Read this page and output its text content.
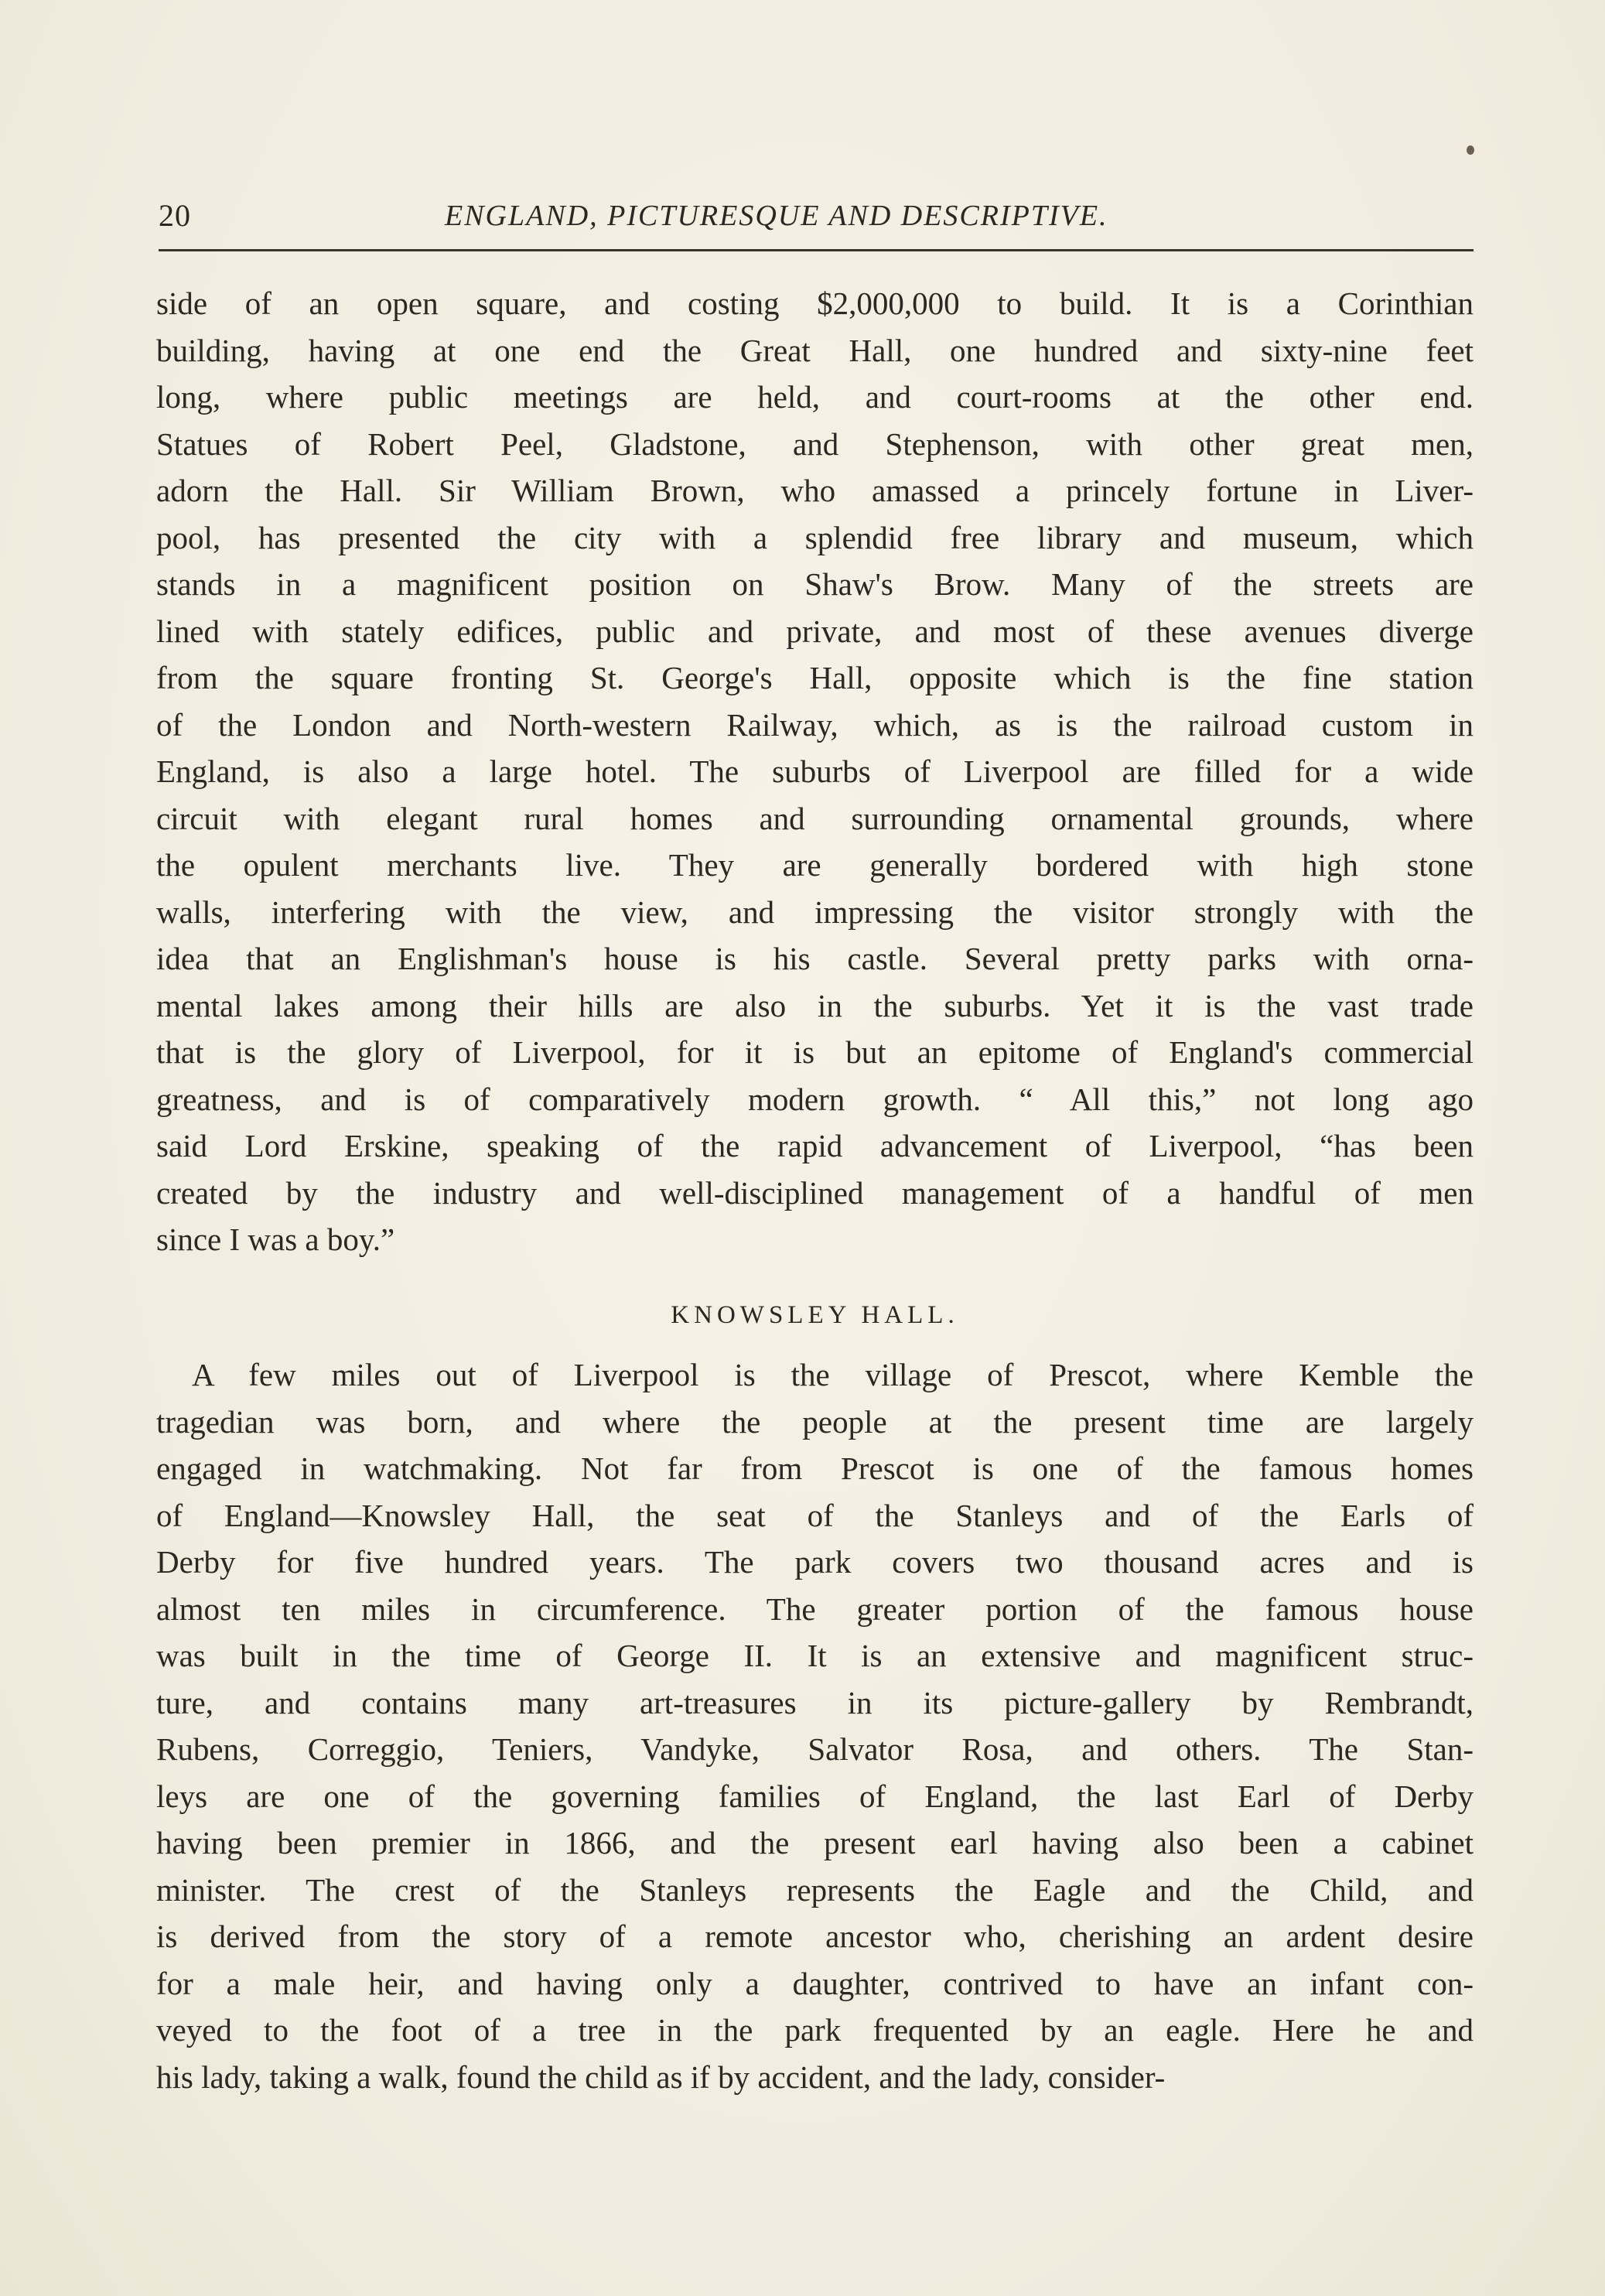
20	ENGLAND, PICTURESQUE AND DESCRIPTIVE.
side of an open square, and costing $2,000,000 to build. It is a Corinthian
building, having at one end the Great Hall, one hundred and sixty-nine feet
long, where public meetings are held, and court-rooms at the other end.
Statues of Robert Peel, Gladstone, and Stephenson, with other great men,
adorn the Hall. Sir William Brown, who amassed a princely fortune in Liver-
pool, has presented the city with a splendid free library and museum, which
stands in a magnificent position on Shaw's Brow. Many of the streets are
lined with stately edifices, public and private, and most of these avenues diverge
from the square fronting St. George's Hall, opposite which is the fine station
of the London and North-western Railway, which, as is the railroad custom in
England, is also a large hotel. The suburbs of Liverpool are filled for a wide
circuit with elegant rural homes and surrounding ornamental grounds, where
the opulent merchants live. They are generally bordered with high stone
walls, interfering with the view, and impressing the visitor strongly with the
idea that an Englishman's house is his castle. Several pretty parks with orna-
mental lakes among their hills are also in the suburbs. Yet it is the vast trade
that is the glory of Liverpool, for it is but an epitome of England's commercial
greatness, and is of comparatively modern growth. “ All this,” not long ago
said Lord Erskine, speaking of the rapid advancement of Liverpool, “has been
created by the industry and well-disciplined management of a handful of men
since I was a boy.”
KNOWSLEY HALL.
A few miles out of Liverpool is the village of Prescot, where Kemble the
tragedian was born, and where the people at the present time are largely
engaged in watchmaking. Not far from Prescot is one of the famous homes
of England—Knowsley Hall, the seat of the Stanleys and of the Earls of
Derby for five hundred years. The park covers two thousand acres and is
almost ten miles in circumference. The greater portion of the famous house
was built in the time of George II. It is an extensive and magnificent struc-
ture, and contains many art-treasures in its picture-gallery by Rembrandt,
Rubens, Correggio, Teniers, Vandyke, Salvator Rosa, and others. The Stan-
leys are one of the governing families of England, the last Earl of Derby
having been premier in 1866, and the present earl having also been a cabinet
minister. The crest of the Stanleys represents the Eagle and the Child, and
is derived from the story of a remote ancestor who, cherishing an ardent desire
for a male heir, and having only a daughter, contrived to have an infant con-
veyed to the foot of a tree in the park frequented by an eagle. Here he and
his lady, taking a walk, found the child as if by accident, and the lady, consider-
